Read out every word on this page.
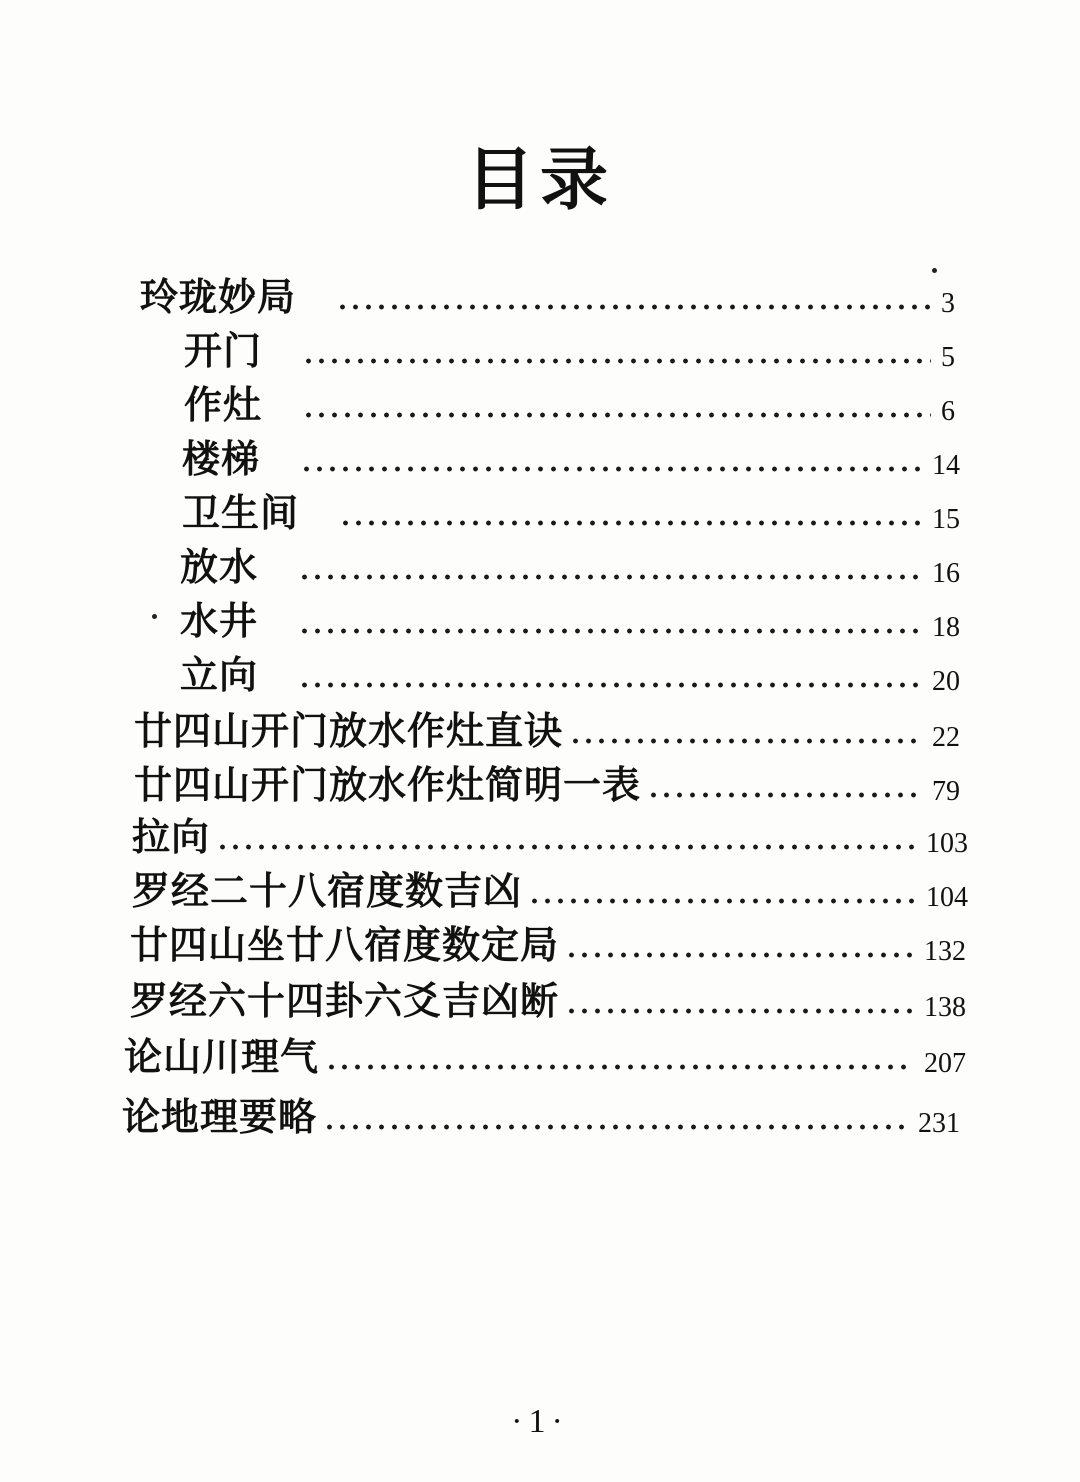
目录
玲珑妙局	3
开门	5
作灶	6
楼梯	14
卫生间	15
放水	16
水井	18
立向	20
廿四山开门放水作灶直诀	22
廿四山开门放水作灶简明一表	79
拉向	103
罗经二十八宿度数吉凶	104
廿四山坐廿八宿度数定局	132
罗经六十四卦六爻吉凶断	138
论山川理气	207
论地理要略	231
·1·
